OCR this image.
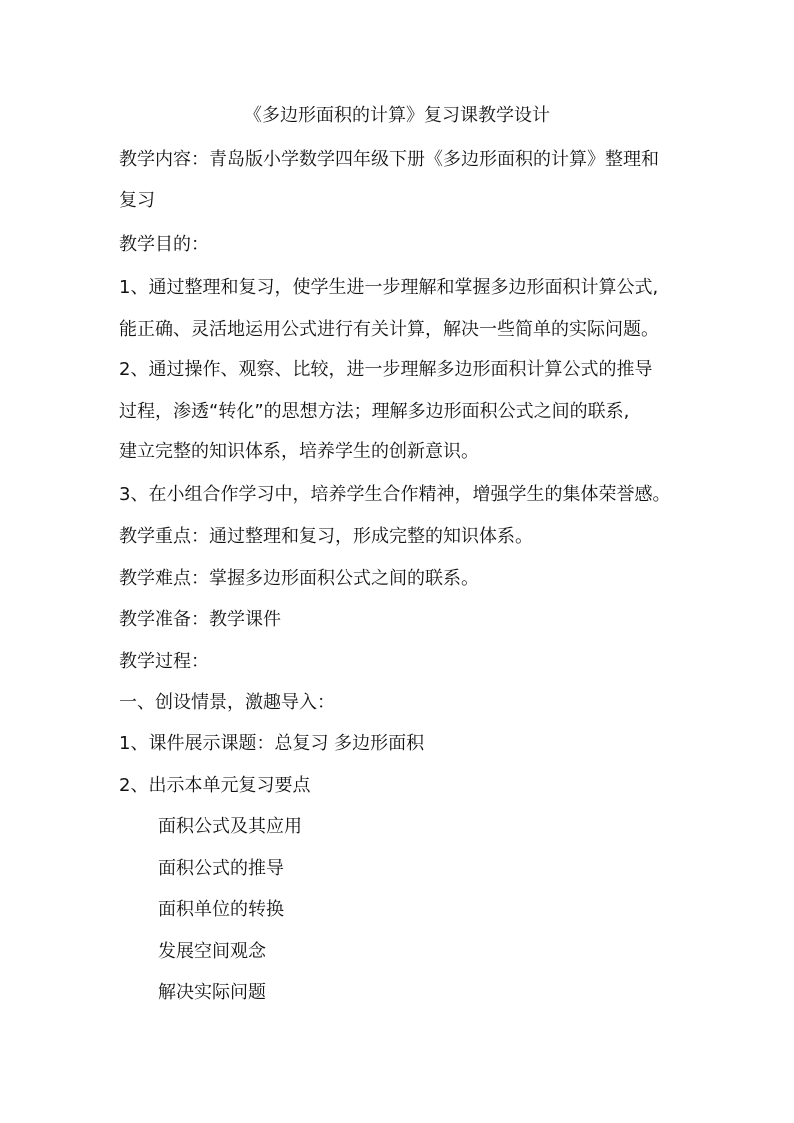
《多边形面积的计算》复习课教学设计
教学内容：青岛版小学数学四年级下册《多边形面积的计算》整理和
复习
教学目的：
1、通过整理和复习，使学生进一步理解和掌握多边形面积计算公式,
能正确、灵活地运用公式进行有关计算，解决一些简单的实际问题。
2、通过操作、观察、比较，进一步理解多边形面积计算公式的推导
过程，渗透“转化”的思想方法；理解多边形面积公式之间的联系,
建立完整的知识体系，培养学生的创新意识。
3、在小组合作学习中，培养学生合作精神，增强学生的集体荣誉感。
教学重点：通过整理和复习，形成完整的知识体系。
教学难点：掌握多边形面积公式之间的联系。
教学准备：教学课件
教学过程：
一、创设情景，激趣导入：
1、课件展示课题：总复习 多边形面积
2、出示本单元复习要点
面积公式及其应用
面积公式的推导
面积单位的转换
发展空间观念
解决实际问题
